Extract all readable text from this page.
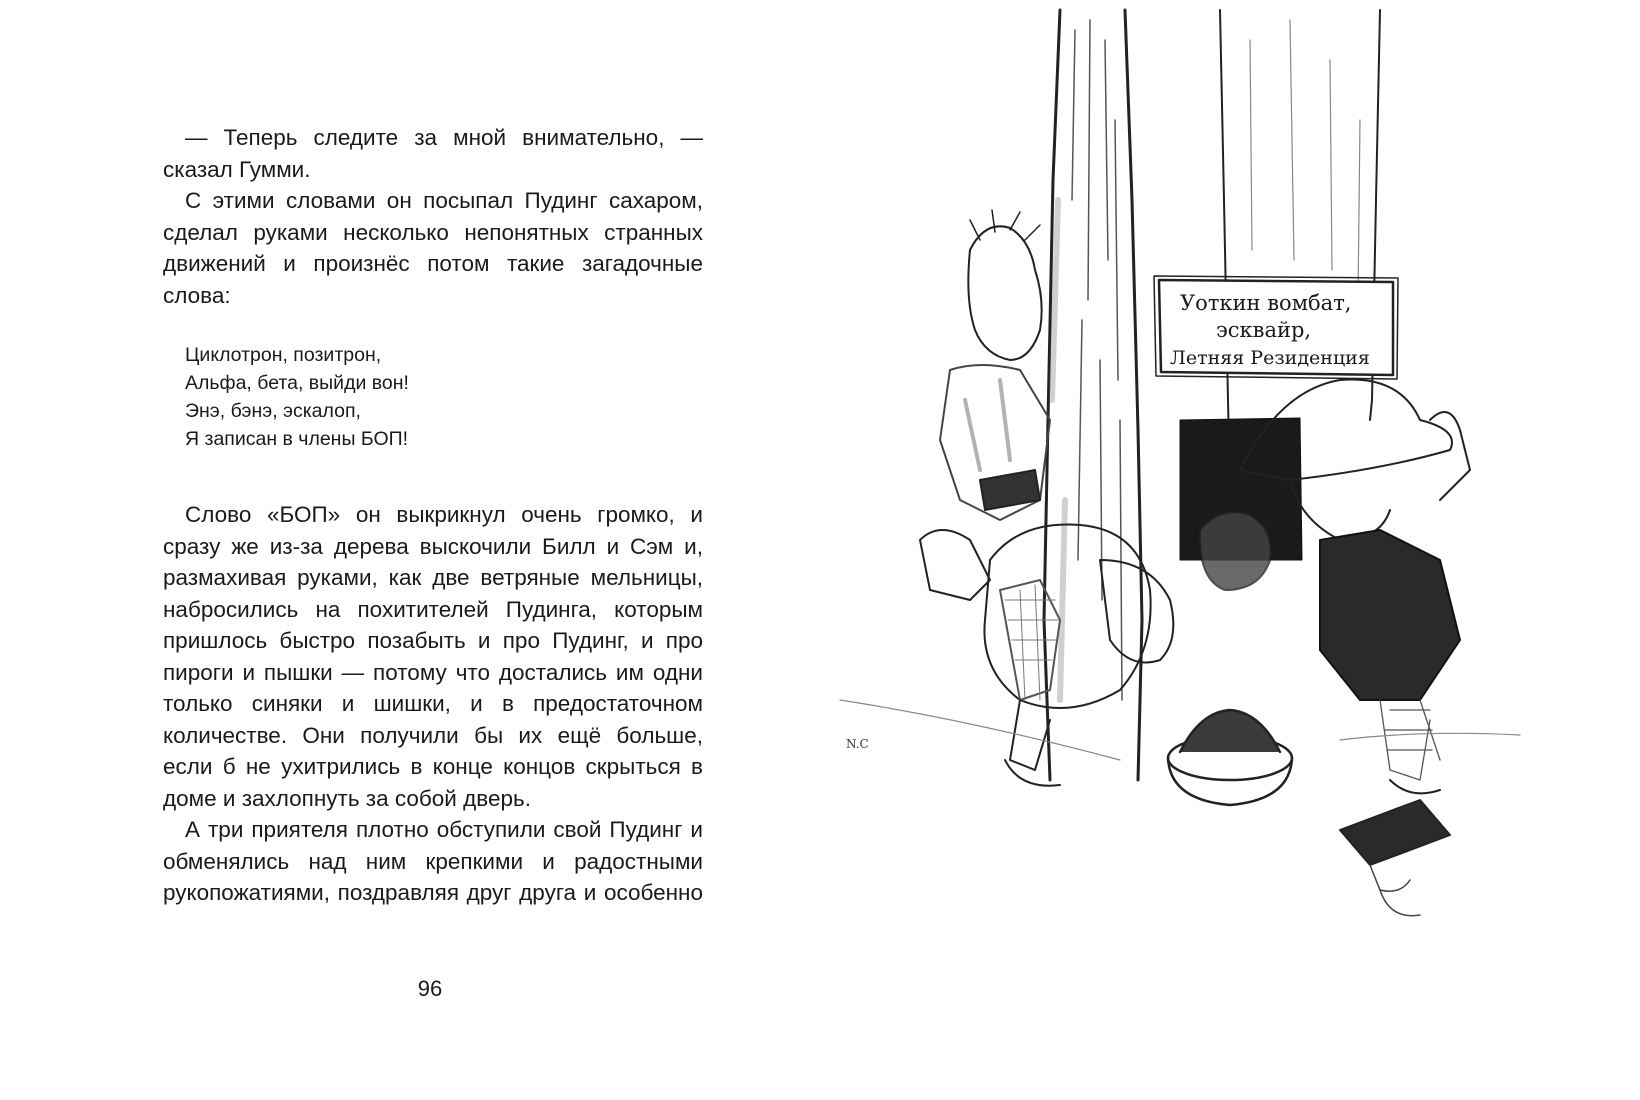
— Теперь следите за мной внимательно, — сказал Гумми.

С этими словами он посыпал Пудинг сахаром, сделал руками несколько непонятных странных движений и произнёс потом такие загадочные слова:

Циклотрон, позитрон,
Альфа, бета, выйди вон!
Энэ, бэнэ, эскалоп,
Я записан в члены БОП!

Слово «БОП» он выкрикнул очень громко, и сразу же из-за дерева выскочили Билл и Сэм и, размахивая руками, как две ветряные мельницы, набросились на похитителей Пудинга, которым пришлось быстро позабыть и про Пудинг, и про пироги и пышки — потому что достались им одни только синяки и шишки, и в предостаточном количестве. Они получили бы их ещё больше, если б не ухитрились в конце концов скрыться в доме и захлопнуть за собой дверь.

А три приятеля плотно обступили свой Пудинг и обменялись над ним крепкими и радостными рукопожатиями, поздравляя друг друга и особенно

96
Уоткин вомбат,
эсквайр,
Летняя Резиденция
N.C
